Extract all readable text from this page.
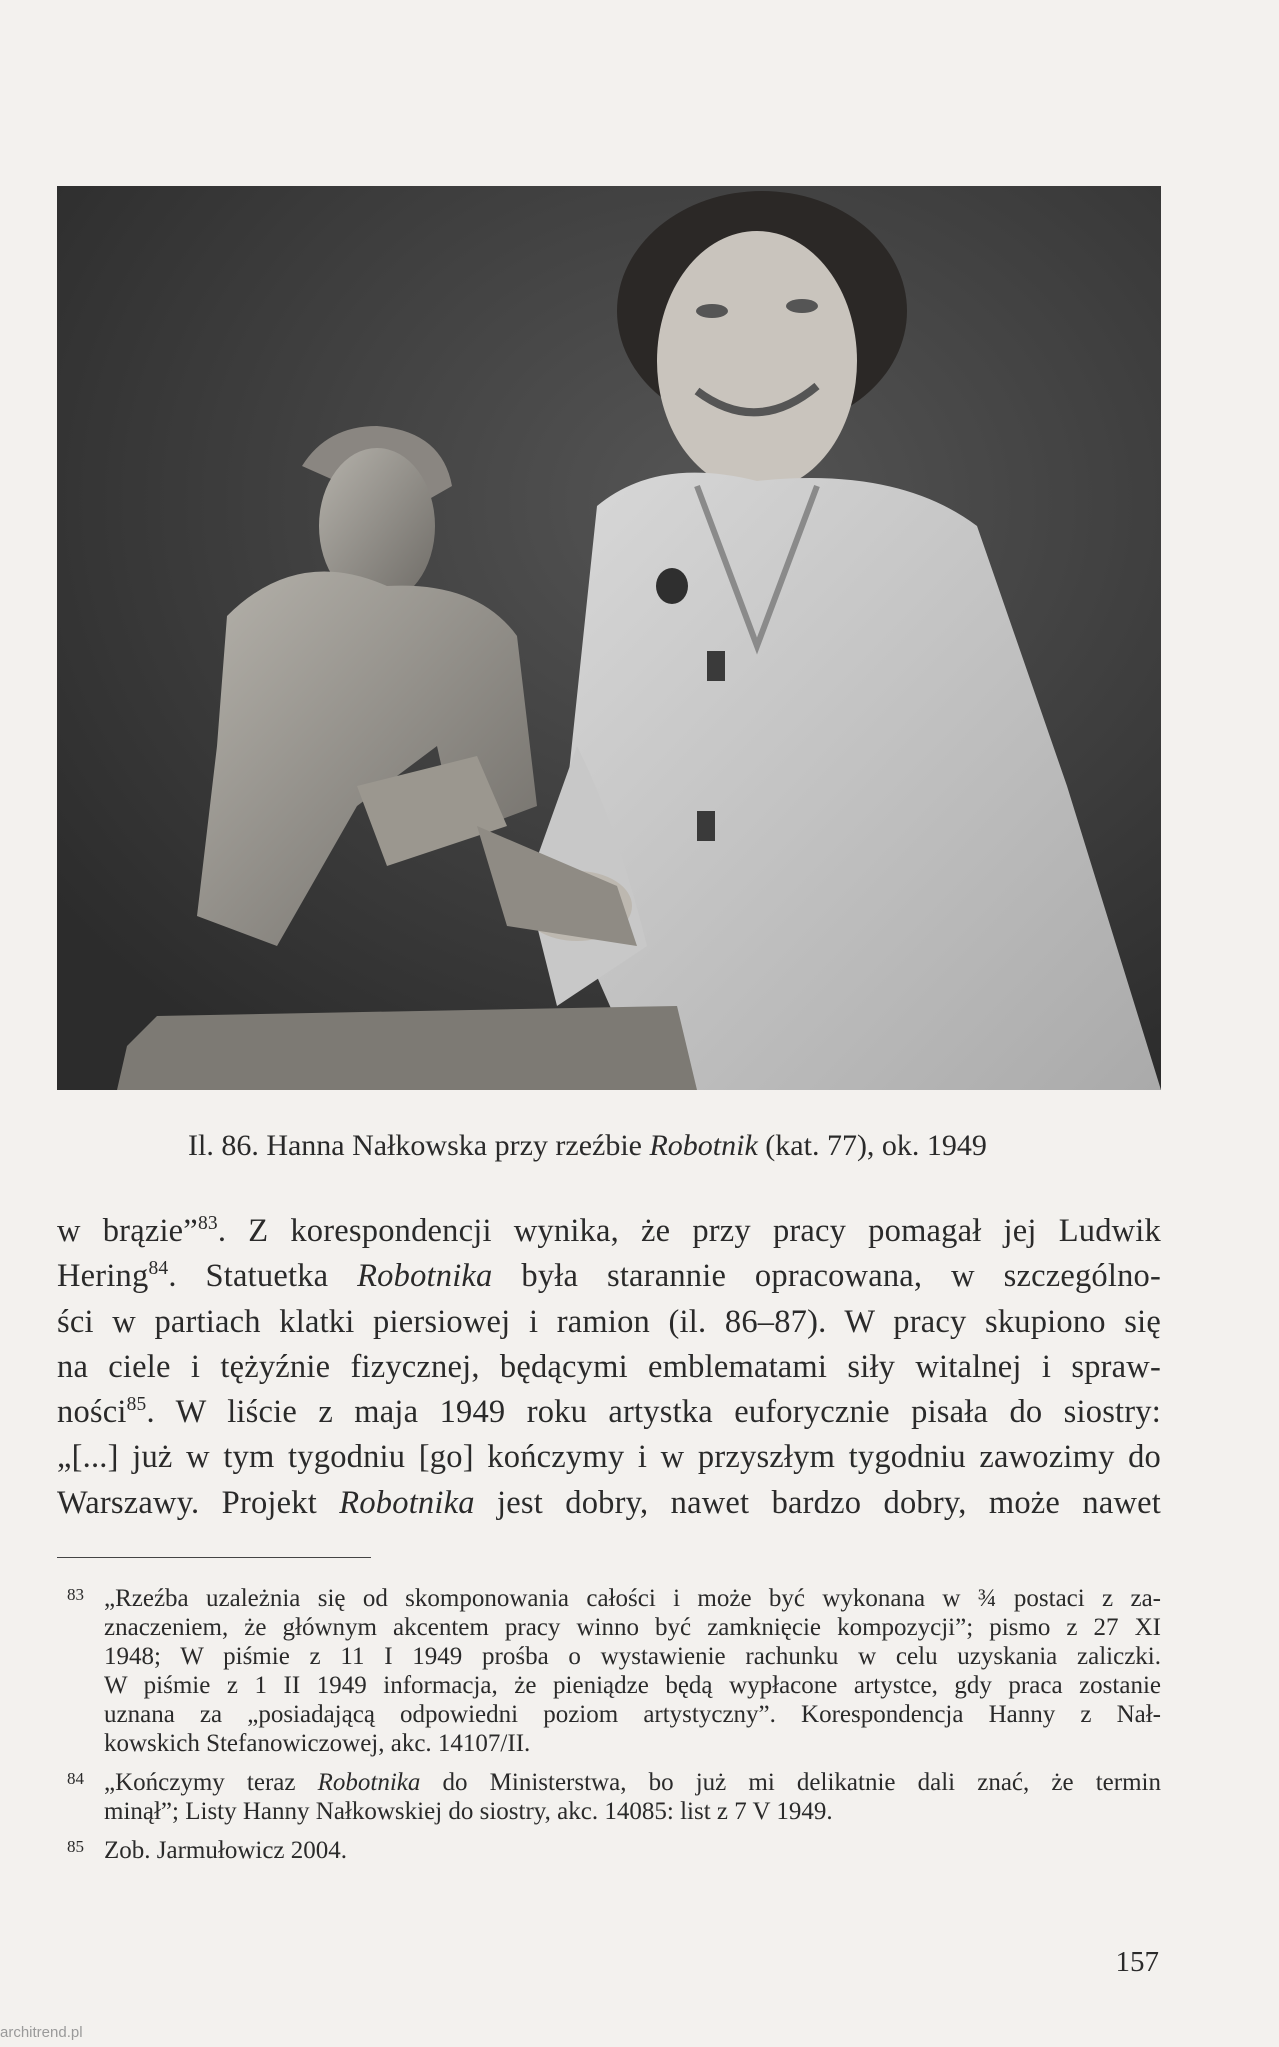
Il. 86. Hanna Nałkowska przy rzeźbie Robotnik (kat. 77), ok. 1949

w brązie”$^{83}$. Z korespondencji wynika, że przy pracy pomagał jej Ludwik
Hering$^{84}$. Statuetka Robotnika była starannie opracowana, w szczególno-
ści w partiach klatki piersiowej i ramion (il. 86–87). W pracy skupiono się
na ciele i tężyźnie fizycznej, będącymi emblematami siły witalnej i spraw-
ności$^{85}$. W liście z maja 1949 roku artystka euforycznie pisała do siostry:
„[...] już w tym tygodniu [go] kończymy i w przyszłym tygodniu zawozimy do
Warszawy. Projekt Robotnika jest dobry, nawet bardzo dobry, może nawet
83 „Rzeźba uzależnia się od skomponowania całości i może być wykonana w ¾ postaci z za-
znaczeniem, że głównym akcentem pracy winno być zamknięcie kompozycji”; pismo z 27 XI
1948; W piśmie z 11 I 1949 prośba o wystawienie rachunku w celu uzyskania zaliczki.
W piśmie z 1 II 1949 informacja, że pieniądze będą wypłacone artystce, gdy praca zostanie
uznana za „posiadającą odpowiedni poziom artystyczny”. Korespondencja Hanny z Nał-
kowskich Stefanowiczowej, akc. 14107/II.
84 „Kończymy teraz Robotnika do Ministerstwa, bo już mi delikatnie dali znać, że termin
minął”; Listy Hanny Nałkowskiej do siostry, akc. 14085: list z 7 V 1949.
85 Zob. Jarmułowicz 2004.
157
architrend.pl
